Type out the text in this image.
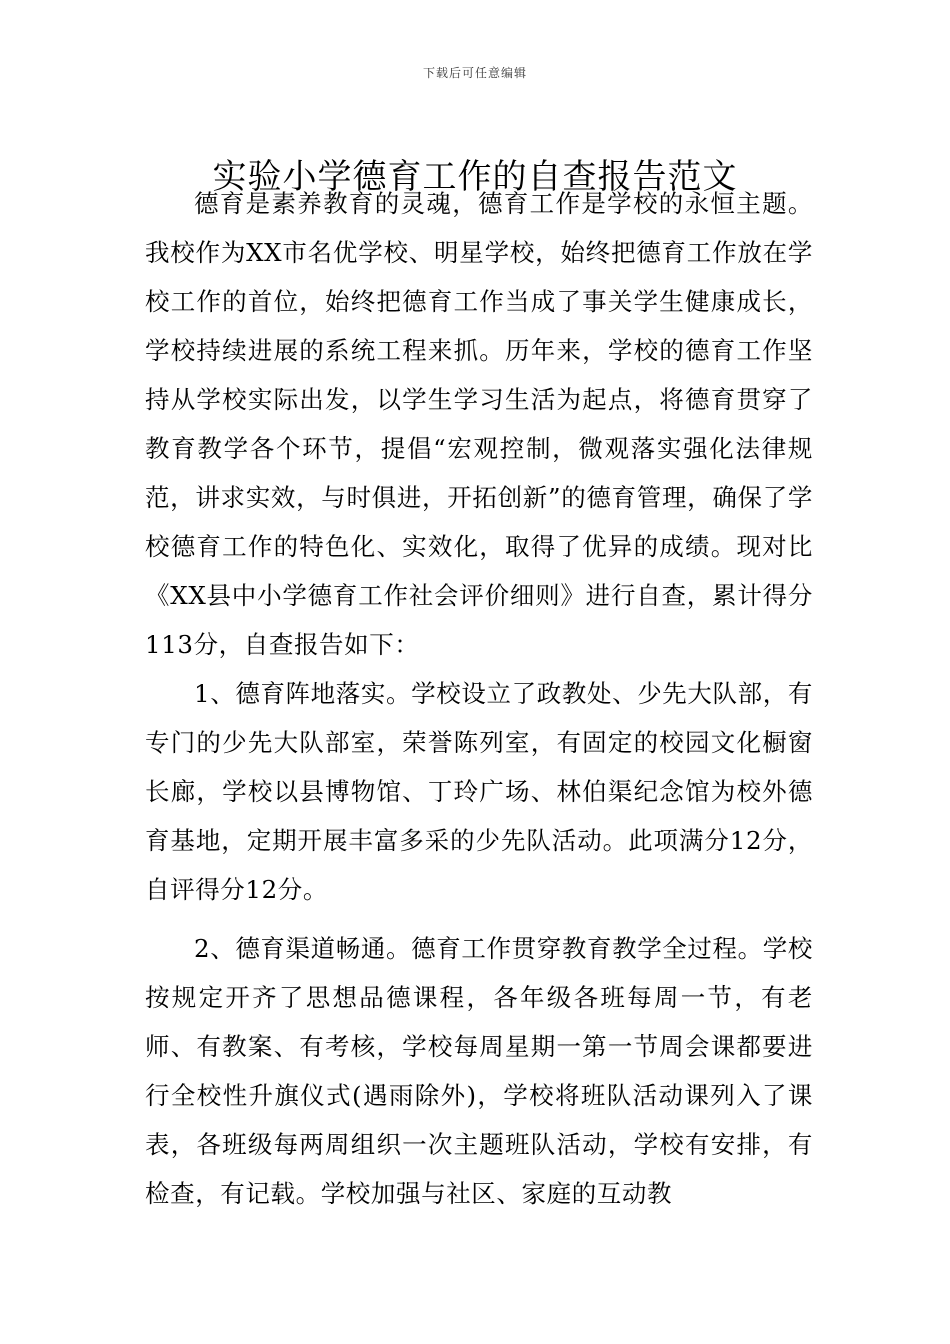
下载后可任意编辑
实验小学德育工作的自查报告范文

德育是素养教育的灵魂，德育工作是学校的永恒主题。我校作为XX市名优学校、明星学校，始终把德育工作放在学校工作的首位，始终把德育工作当成了事关学生健康成长，学校持续进展的系统工程来抓。历年来，学校的德育工作坚持从学校实际出发，以学生学习生活为起点，将德育贯穿了教育教学各个环节，提倡“宏观控制，微观落实强化法律规范，讲求实效，与时俱进，开拓创新”的德育管理，确保了学校德育工作的特色化、实效化，取得了优异的成绩。现对比《XX县中小学德育工作社会评价细则》进行自查，累计得分113分，自查报告如下：

1、德育阵地落实。学校设立了政教处、少先大队部，有专门的少先大队部室，荣誉陈列室，有固定的校园文化橱窗长廊，学校以县博物馆、丁玲广场、林伯渠纪念馆为校外德育基地，定期开展丰富多采的少先队活动。此项满分12分，自评得分12分。

2、德育渠道畅通。德育工作贯穿教育教学全过程。学校按规定开齐了思想品德课程，各年级各班每周一节，有老师、有教案、有考核，学校每周星期一第一节周会课都要进行全校性升旗仪式(遇雨除外)，学校将班队活动课列入了课表，各班级每两周组织一次主题班队活动，学校有安排，有检查，有记载。学校加强与社区、家庭的互动教
